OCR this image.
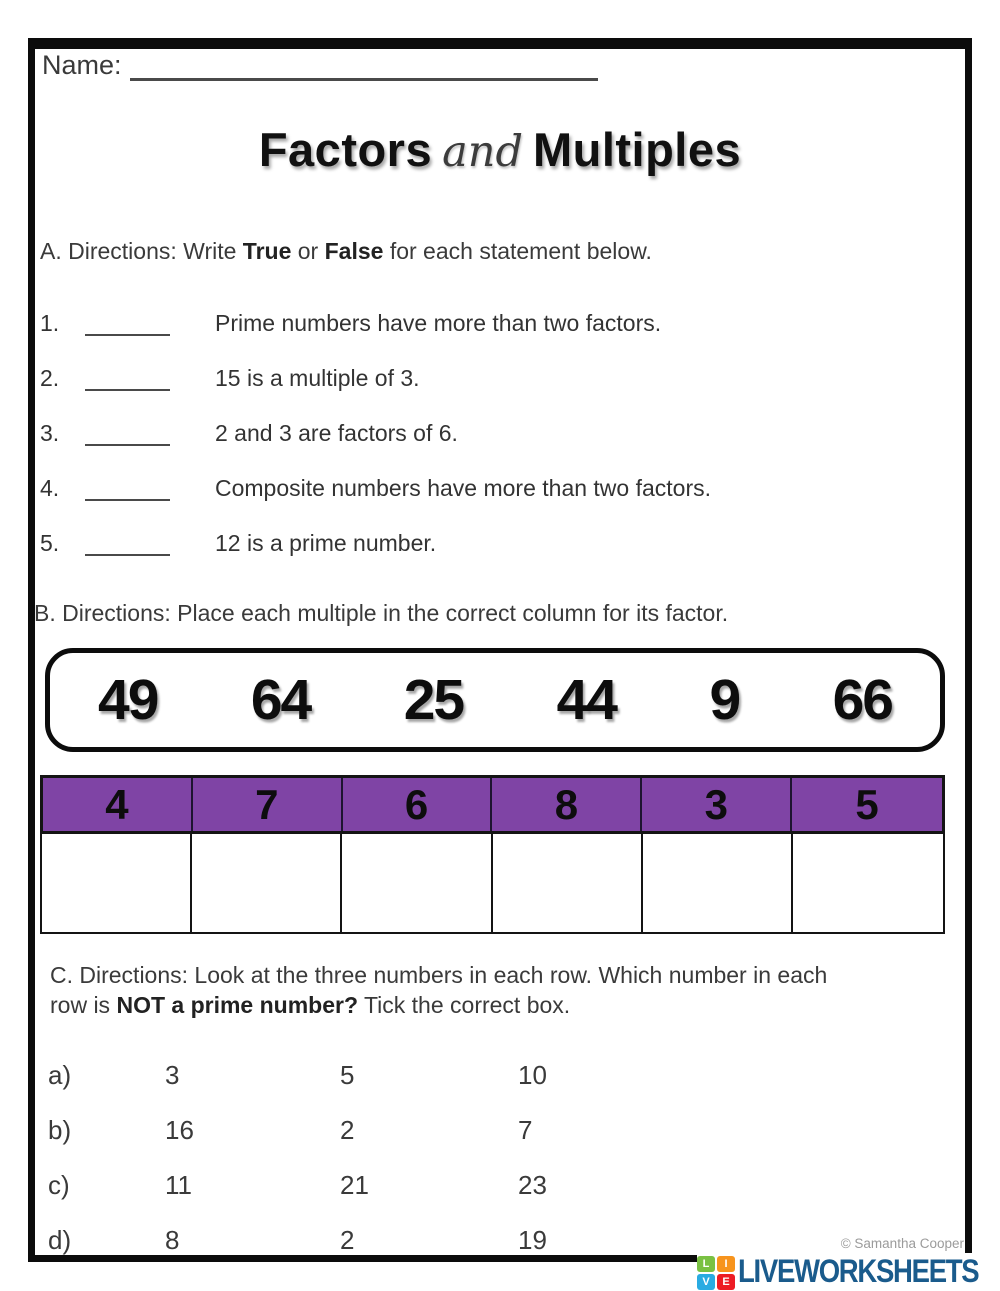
Name:
Factors and Multiples

A. Directions: Write True or False for each statement below.

1.	Prime numbers have more than two factors.
2.	15 is a multiple of 3.
3.	2 and 3 are factors of 6.
4.	Composite numbers have more than two factors.
5.	12 is a prime number.

B. Directions: Place each multiple in the correct column for its factor.

49 64 25 44 9 66
4	7	6	8	3	5

C. Directions: Look at the three numbers in each row. Which number in each
row is NOT a prime number? Tick the correct box.

a)	3	5	10
b)	16	2	7
c)	11	21	23
d)	8	2	19	© Samantha Cooper
L	I
V	E LIVEWORKSHEETS
